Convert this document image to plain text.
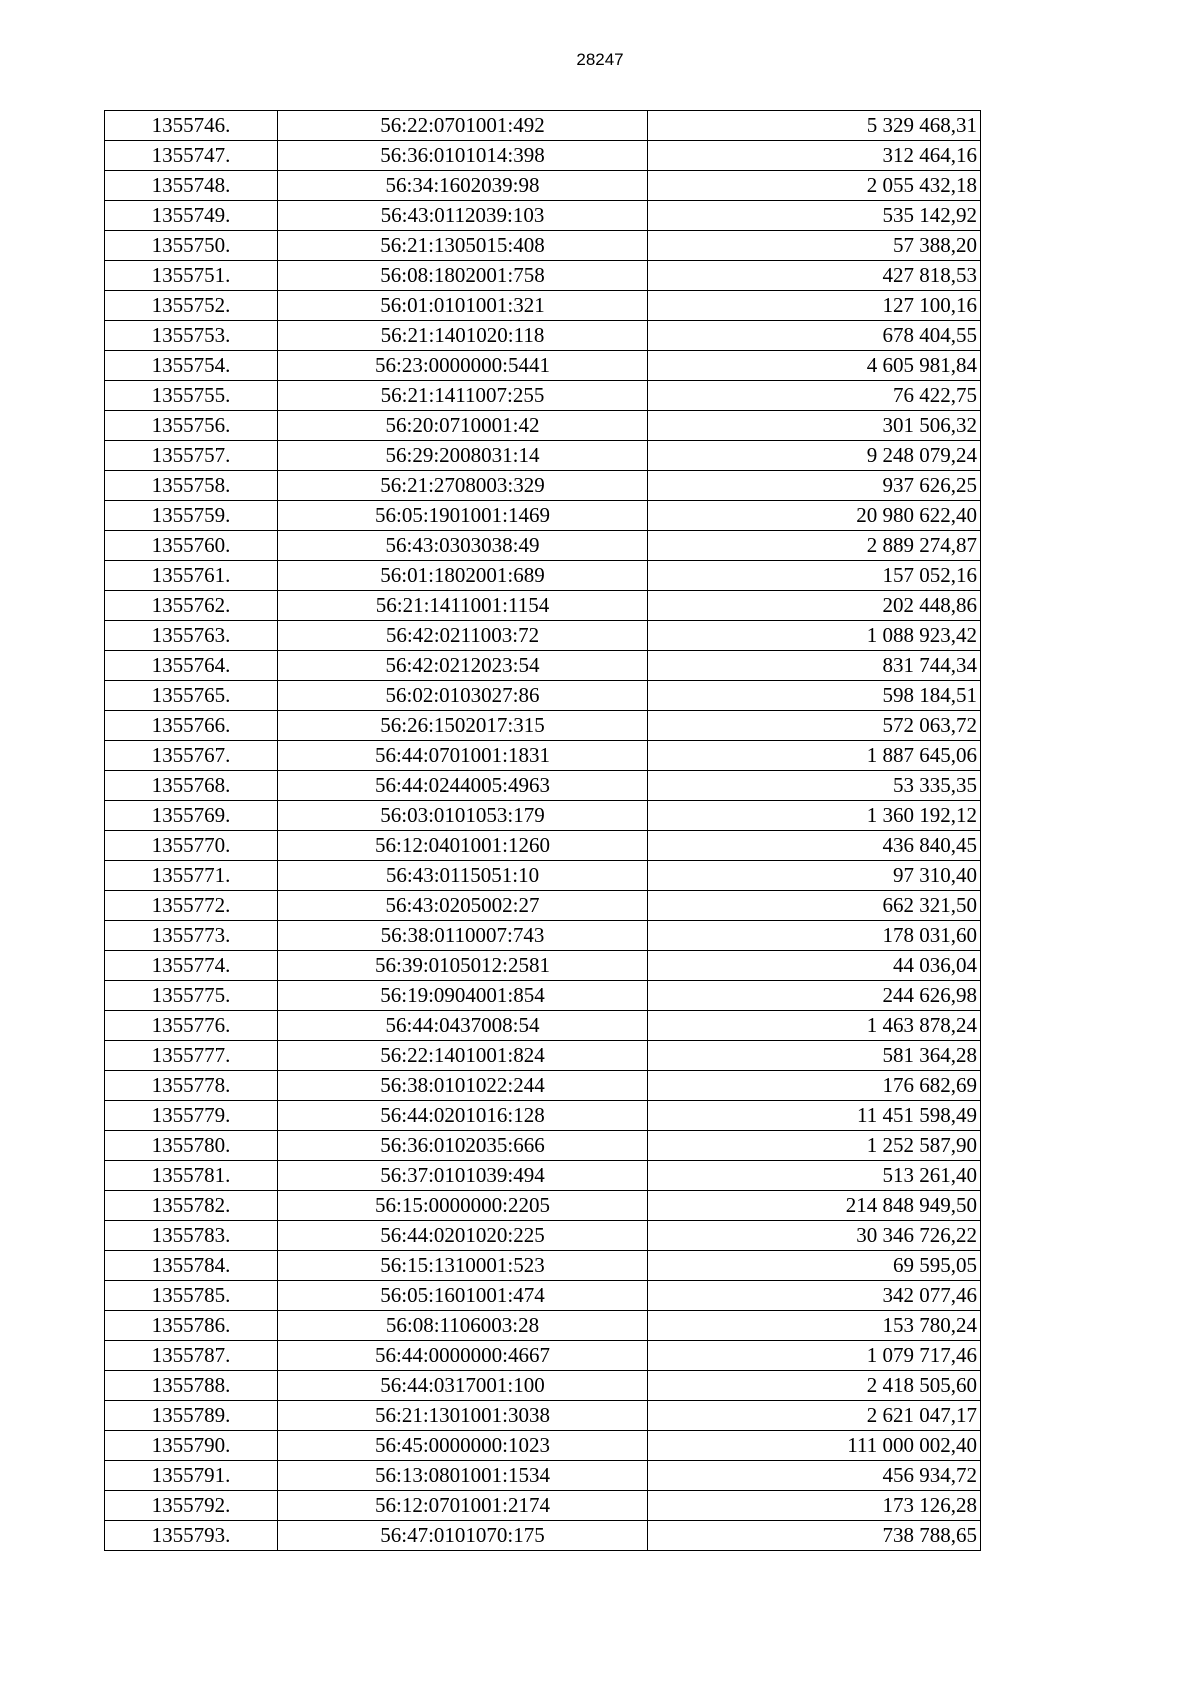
28247
1355746.	56:22:0701001:492	5 329 468,31
1355747.	56:36:0101014:398	312 464,16
1355748.	56:34:1602039:98	2 055 432,18
1355749.	56:43:0112039:103	535 142,92
1355750.	56:21:1305015:408	57 388,20
1355751.	56:08:1802001:758	427 818,53
1355752.	56:01:0101001:321	127 100,16
1355753.	56:21:1401020:118	678 404,55
1355754.	56:23:0000000:5441	4 605 981,84
1355755.	56:21:1411007:255	76 422,75
1355756.	56:20:0710001:42	301 506,32
1355757.	56:29:2008031:14	9 248 079,24
1355758.	56:21:2708003:329	937 626,25
1355759.	56:05:1901001:1469	20 980 622,40
1355760.	56:43:0303038:49	2 889 274,87
1355761.	56:01:1802001:689	157 052,16
1355762.	56:21:1411001:1154	202 448,86
1355763.	56:42:0211003:72	1 088 923,42
1355764.	56:42:0212023:54	831 744,34
1355765.	56:02:0103027:86	598 184,51
1355766.	56:26:1502017:315	572 063,72
1355767.	56:44:0701001:1831	1 887 645,06
1355768.	56:44:0244005:4963	53 335,35
1355769.	56:03:0101053:179	1 360 192,12
1355770.	56:12:0401001:1260	436 840,45
1355771.	56:43:0115051:10	97 310,40
1355772.	56:43:0205002:27	662 321,50
1355773.	56:38:0110007:743	178 031,60
1355774.	56:39:0105012:2581	44 036,04
1355775.	56:19:0904001:854	244 626,98
1355776.	56:44:0437008:54	1 463 878,24
1355777.	56:22:1401001:824	581 364,28
1355778.	56:38:0101022:244	176 682,69
1355779.	56:44:0201016:128	11 451 598,49
1355780.	56:36:0102035:666	1 252 587,90
1355781.	56:37:0101039:494	513 261,40
1355782.	56:15:0000000:2205	214 848 949,50
1355783.	56:44:0201020:225	30 346 726,22
1355784.	56:15:1310001:523	69 595,05
1355785.	56:05:1601001:474	342 077,46
1355786.	56:08:1106003:28	153 780,24
1355787.	56:44:0000000:4667	1 079 717,46
1355788.	56:44:0317001:100	2 418 505,60
1355789.	56:21:1301001:3038	2 621 047,17
1355790.	56:45:0000000:1023	111 000 002,40
1355791.	56:13:0801001:1534	456 934,72
1355792.	56:12:0701001:2174	173 126,28
1355793.	56:47:0101070:175	738 788,65
